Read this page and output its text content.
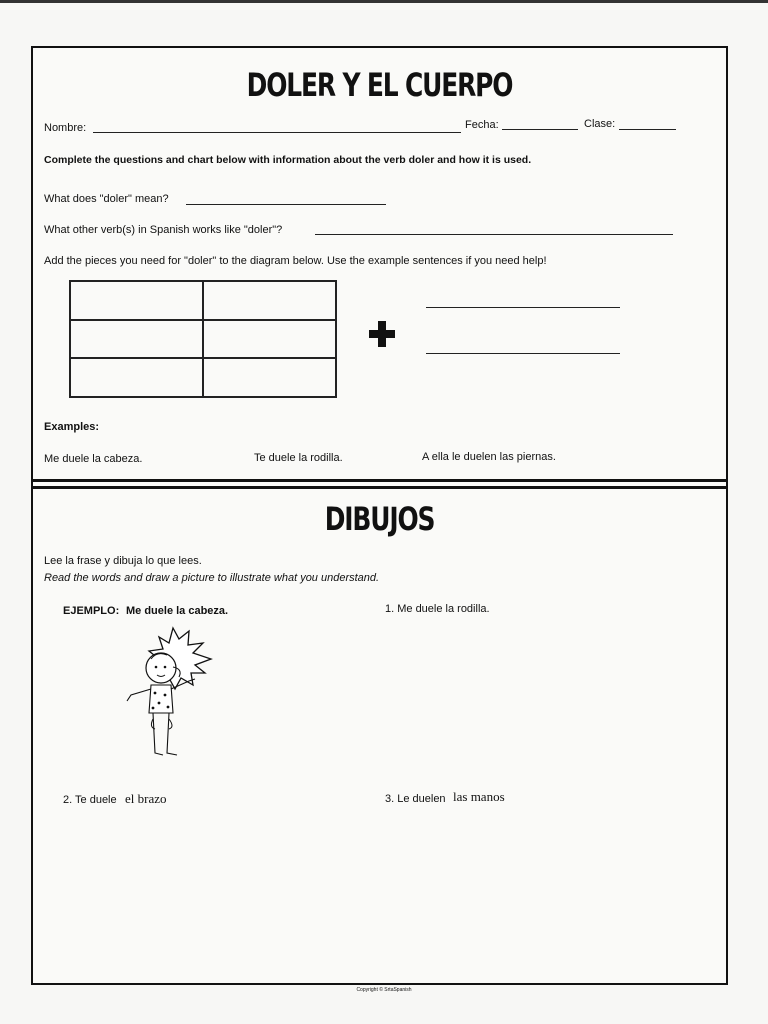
DOLER Y EL CUERPO
Nombre:	Fecha:	Clase:
Complete the questions and chart below with information about the verb doler and how it is used.
What does "doler" mean?
What other verb(s) in Spanish works like "doler"?
Add the pieces you need for "doler" to the diagram below. Use the example sentences if you need help!
Examples:
Me duele la cabeza.	Te duele la rodilla.	A ella le duelen las piernas.
DIBUJOS
Lee la frase y dibuja lo que lees.
Read the words and draw a picture to illustrate what you understand.
EJEMPLO: Me duele la cabeza.	1. Me duele la rodilla.
3. Le duelen las manos
2. Te duele el brazo
Copyright © SrtaSpanish
